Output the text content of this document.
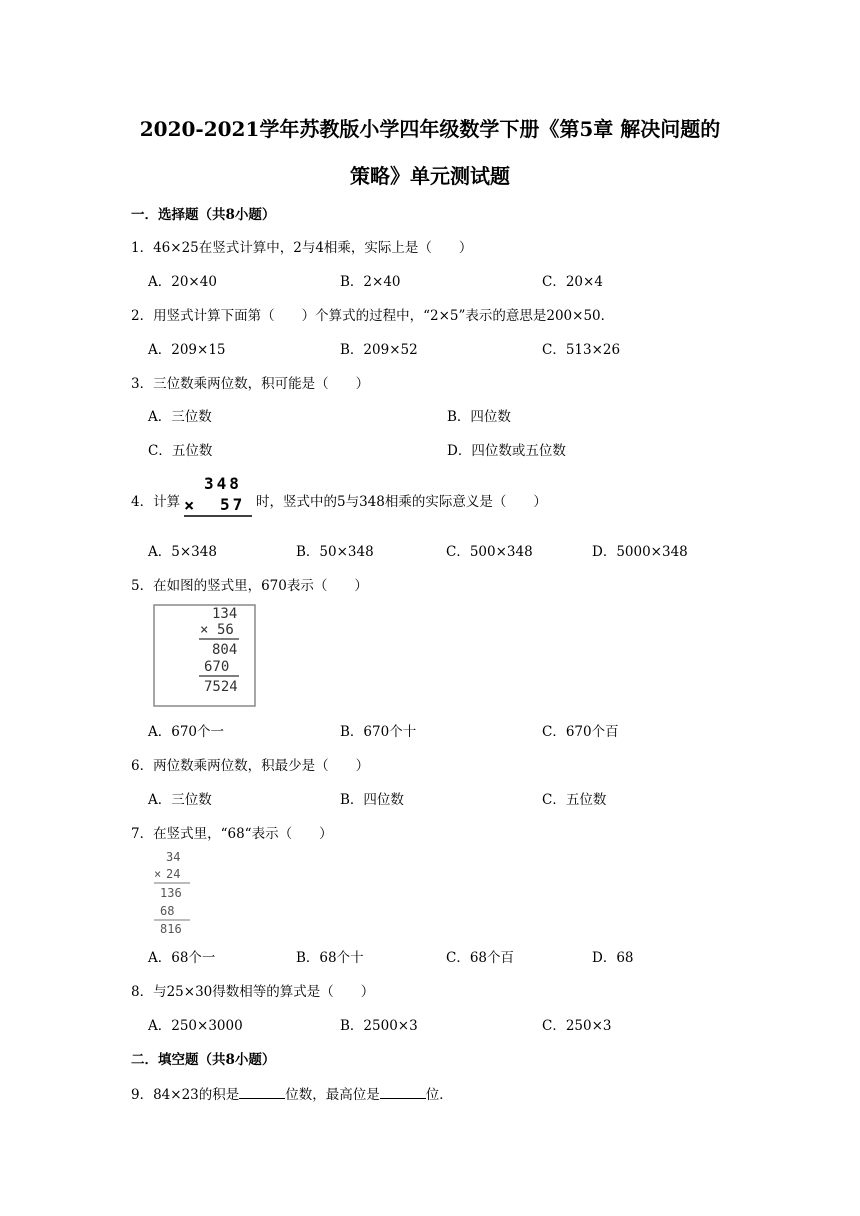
2020-2021学年苏教版小学四年级数学下册《第5章 解决问题的
策略》单元测试题
一．选择题（共8小题）
1．46×25在竖式计算中，2与4相乘，实际上是（　　）
A．20×40	B．2×40	C．20×4
2．用竖式计算下面第（　　）个算式的过程中，“2×5”表示的意思是200×50．
A．209×15	B．209×52	C．513×26
3．三位数乘两位数，积可能是（　　）
A．三位数	B．四位数
C．五位数	D．四位数或五位数
4．计算
348
× 57 时，竖式中的5与348相乘的实际意义是（　　）
A．5×348	B．50×348	C．500×348	D．5000×348
5．在如图的竖式里，670表示（　　）
134
× 56
804
670
7524
A．670个一	B．670个十	C．670个百
6．两位数乘两位数，积最少是（　　）
A．三位数	B．四位数	C．五位数
7．在竖式里，“68“表示（　　）
34
× 24
136
68
816
A．68个一	B．68个十	C．68个百	D．68
8．与25×30得数相等的算式是（　　）
A．250×3000	B．2500×3	C．250×3
二．填空题（共8小题）
9．84×23的积是	位数，最高位是	位．
